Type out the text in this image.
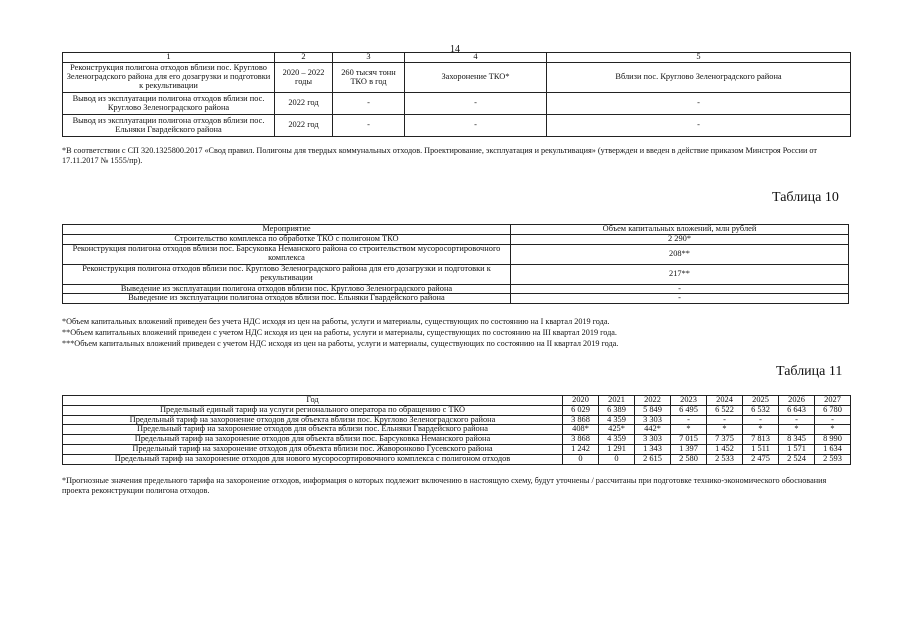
14
1	2	3	4	5
Реконструкция полигона отходов вблизи пос. Круглово Зеленоградского района для его дозагрузки и подготовки к рекультивации	2020 – 2022 годы	260 тысяч тонн ТКО в год	Захоронение ТКО*	Вблизи пос. Круглово Зеленоградского района
Вывод из эксплуатации полигона отходов вблизи пос. Круглово Зеленоградского района	2022 год	-	-	-
Вывод из эксплуатации полигона отходов вблизи пос. Ельняки Гвардейского района	2022 год	-	-	-
*В соответствии с СП 320.1325800.2017 «Свод правил. Полигоны для твердых коммунальных отходов. Проектирование, эксплуатация и рекультивация» (утвержден и введен в действие приказом Минстроя России от 17.11.2017 № 1555/пр).
Таблица 10
Мероприятие	Объем капитальных вложений, млн рублей
Строительство комплекса по обработке ТКО с полигоном ТКО	2 290*
Реконструкция полигона отходов вблизи пос. Барсуковка Неманского района со строительством мусоросортировочного комплекса	208**
Реконструкция полигона отходов вблизи пос. Круглово Зеленоградского района для его дозагрузки и подготовки к рекультивации	217**
Выведение из эксплуатации полигона отходов вблизи пос. Круглово Зеленоградского района	-
Выведение из эксплуатации полигона отходов вблизи пос. Ельняки Гвардейского района	-
*Объем капитальных вложений приведен без учета НДС исходя из цен на работы, услуги и материалы, существующих по состоянию на I квартал 2019 года.
**Объем капитальных вложений приведен с учетом НДС исходя из цен на работы, услуги и материалы, существующих по состоянию на III квартал 2019 года.
***Объем капитальных вложений приведен с учетом НДС исходя из цен на работы, услуги и материалы, существующих по состоянию на II квартал 2019 года.
Таблица 11
Год	2020	2021	2022	2023	2024	2025	2026	2027
Предельный единый тариф на услуги регионального оператора по обращению с ТКО	6 029	6 389	5 849	6 495	6 522	6 532	6 643	6 780
Предельный тариф на захоронение отходов для объекта вблизи пос. Круглово Зеленоградского района	3 868	4 359	3 303	-	-	-	-	-
Предельный тариф на захоронение отходов для объекта вблизи пос. Ельняки Гвардейского района	408*	425*	442*	*	*	*	*	*
Предельный тариф на захоронение отходов для объекта вблизи пос. Барсуковка Неманского района	3 868	4 359	3 303	7 015	7 375	7 813	8 345	8 990
Предельный тариф на захоронение отходов для объекта вблизи пос. Жаворонково Гусевского района	1 242	1 291	1 343	1 397	1 452	1 511	1 571	1 634
Предельный тариф на захоронение отходов для нового мусоросортировочного комплекса с полигоном отходов	0	0	2 615	2 580	2 533	2 475	2 524	2 593
*Прогнозные значения предельного тарифа на захоронение отходов, информация о которых подлежит включению в настоящую схему, будут уточнены / рассчитаны при подготовке технико-экономического обоснования проекта реконструкции полигона отходов.
